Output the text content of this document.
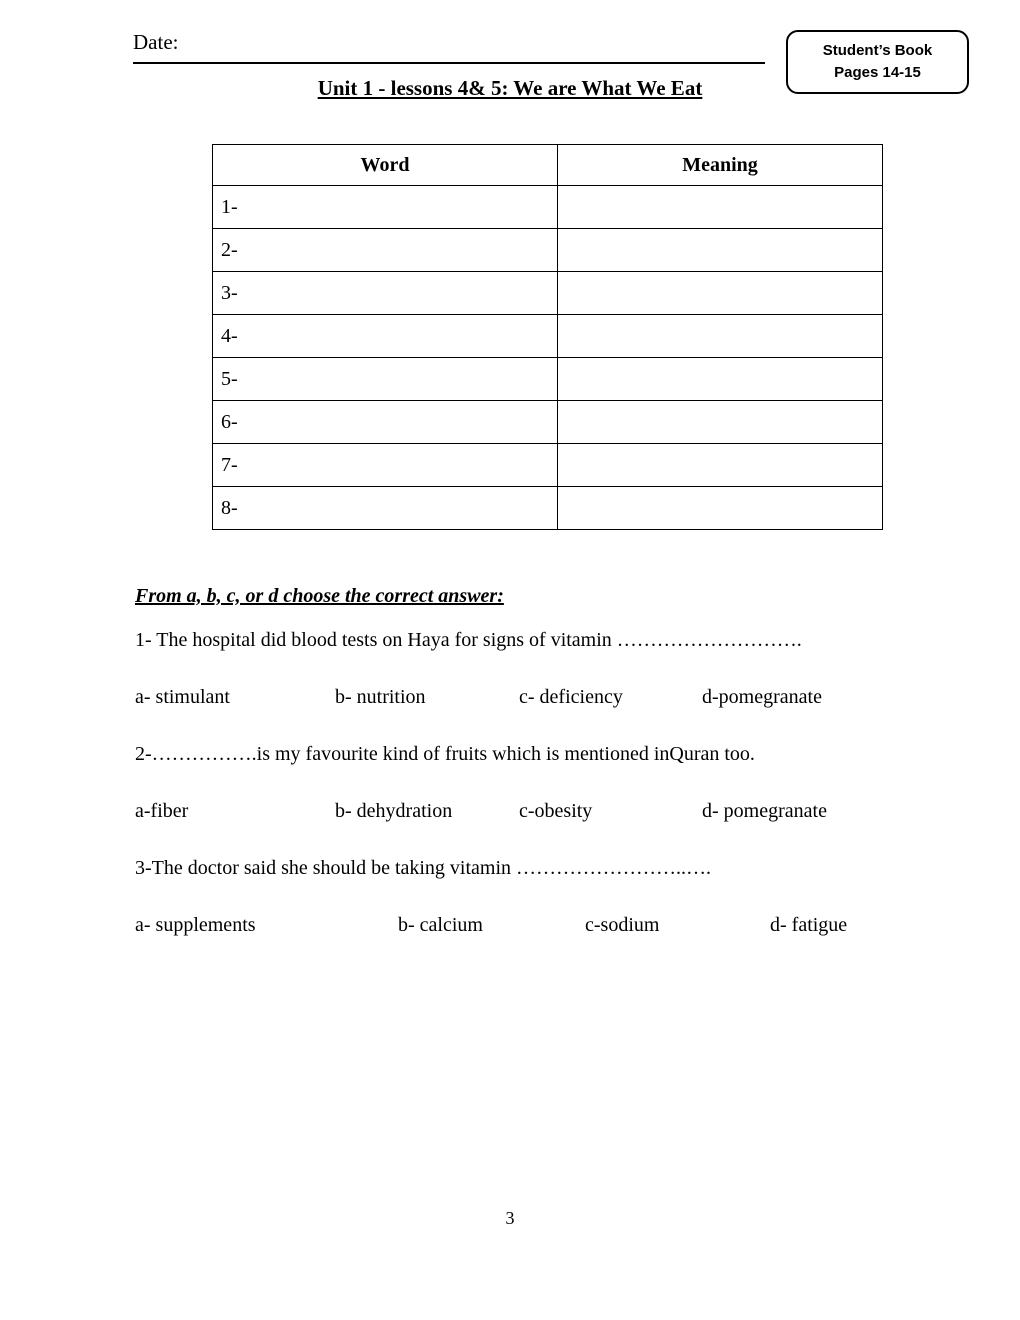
Date:	Student’s Book
Pages 14-15
Unit 1 - lessons 4& 5: We are What We Eat
Word	Meaning
1-	
2-	
3-	
4-	
5-	
6-	
7-	
8-	

From a, b, c, or d choose the correct answer:

1- The hospital did blood tests on Haya for signs of vitamin ……………………….

a- stimulant	b- nutrition	c- deficiency	d-pomegranate

2-…………….is my favourite kind of fruits which is mentioned inQuran too.

a-fiber	b- dehydration	c-obesity	d- pomegranate

3-The doctor said she should be taking vitamin ……………………..….

a- supplements	b- calcium	c-sodium	d- fatigue
3
